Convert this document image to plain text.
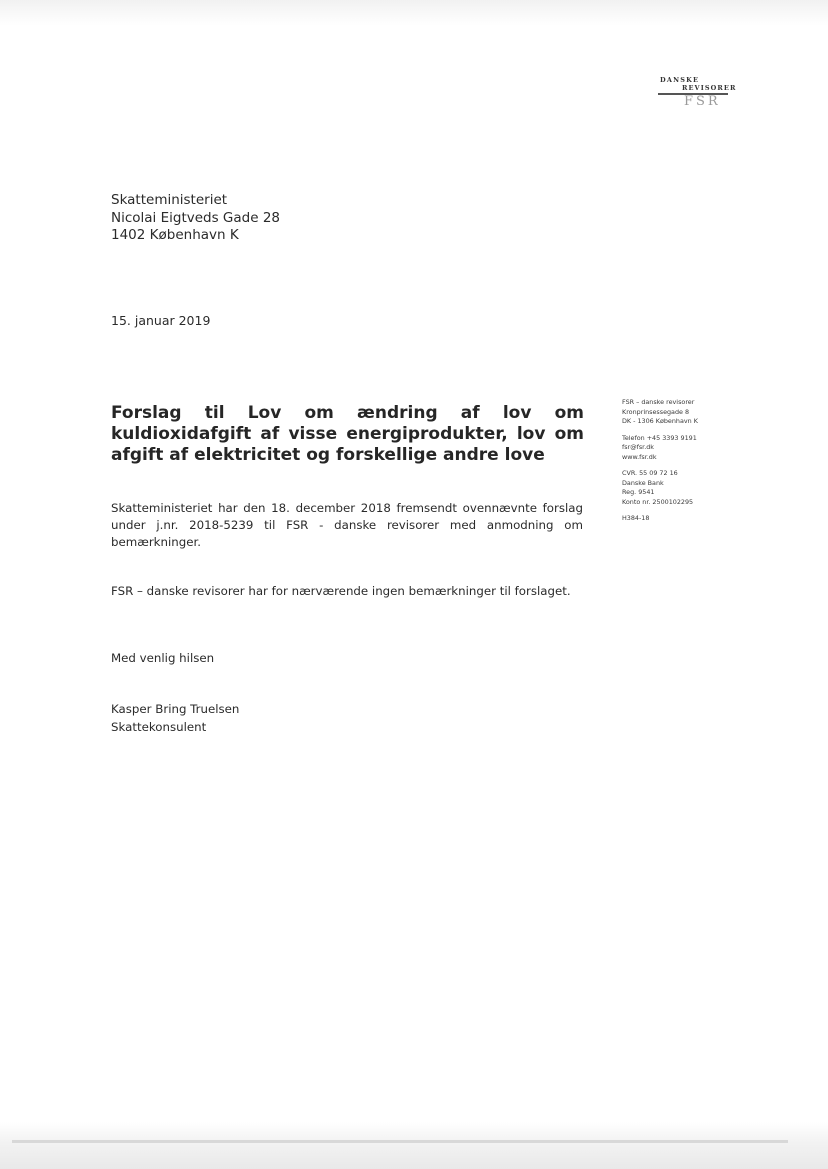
DANSKE
REVISORER
FSR
Skatteministeriet
Nicolai Eigtveds Gade 28
1402 København K
15. januar 2019
Forslag til Lov om ændring af lov om kuldioxidafgift af visse energiprodukter, lov om afgift af elektricitet og forskellige andre love
FSR – danske revisorer
Kronprinsessegade 8
DK - 1306 København K
Telefon +45 3393 9191
fsr@fsr.dk
www.fsr.dk
CVR. 55 09 72 16
Danske Bank
Reg. 9541
Konto nr. 2500102295
H384-18
Skatteministeriet har den 18. december 2018 fremsendt ovennævnte forslag under j.nr. 2018-5239 til FSR - danske revisorer med anmodning om bemærkninger.
FSR – danske revisorer har for nærværende ingen bemærkninger til forslaget.
Med venlig hilsen
Kasper Bring Truelsen
Skattekonsulent
